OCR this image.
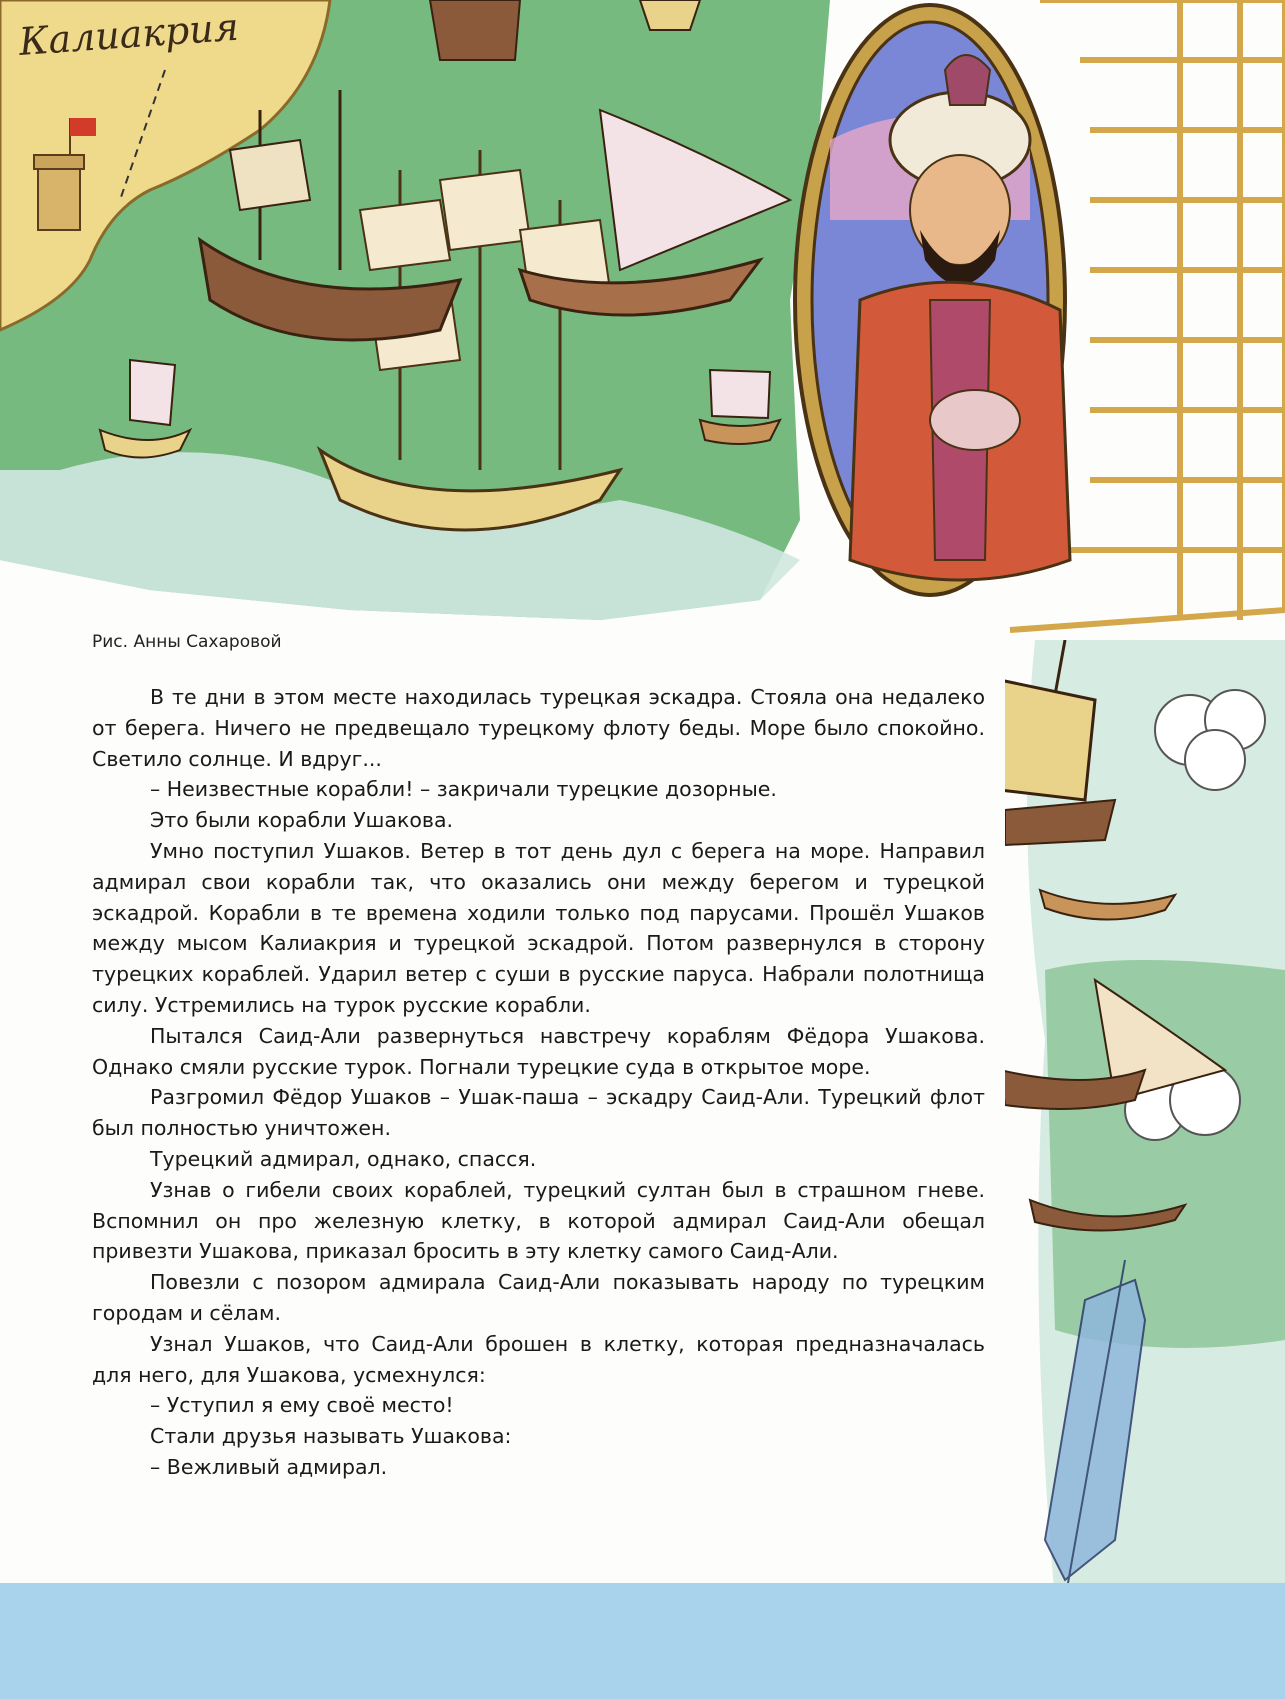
Калиакрия
Рис. Анны Сахаровой

В те дни в этом месте находилась турецкая эскадра. Стояла она недалеко от берега. Ничего не предвещало турецкому флоту беды. Море было спокойно. Светило солнце. И вдруг...

– Неизвестные корабли! – закричали турецкие дозорные.

Это были корабли Ушакова.

Умно поступил Ушаков. Ветер в тот день дул с берега на море. Направил адмирал свои корабли так, что оказались они между берегом и турецкой эскадрой. Корабли в те времена ходили только под парусами. Прошёл Ушаков между мысом Калиакрия и турецкой эскадрой. Потом развернулся в сторону турецких кораблей. Ударил ветер с суши в русские паруса. Набрали полотнища силу. Устремились на турок русские корабли.

Пытался Саид-Али развернуться навстречу кораблям Фёдора Ушакова. Однако смяли русские турок. Погнали турецкие суда в открытое море.

Разгромил Фёдор Ушаков – Ушак-паша – эскадру Саид-Али. Турецкий флот был полностью уничтожен.

Турецкий адмирал, однако, спасся.

Узнав о гибели своих кораблей, турецкий султан был в страшном гневе. Вспомнил он про железную клетку, в которой адмирал Саид-Али обещал привезти Ушакова, приказал бросить в эту клетку самого Саид-Али.

Повезли с позором адмирала Саид-Али показывать народу по турецким городам и сёлам.

Узнал Ушаков, что Саид-Али брошен в клетку, которая предназначалась для него, для Ушакова, усмехнулся:

– Уступил я ему своё место!

Стали друзья называть Ушакова:

– Вежливый адмирал.
